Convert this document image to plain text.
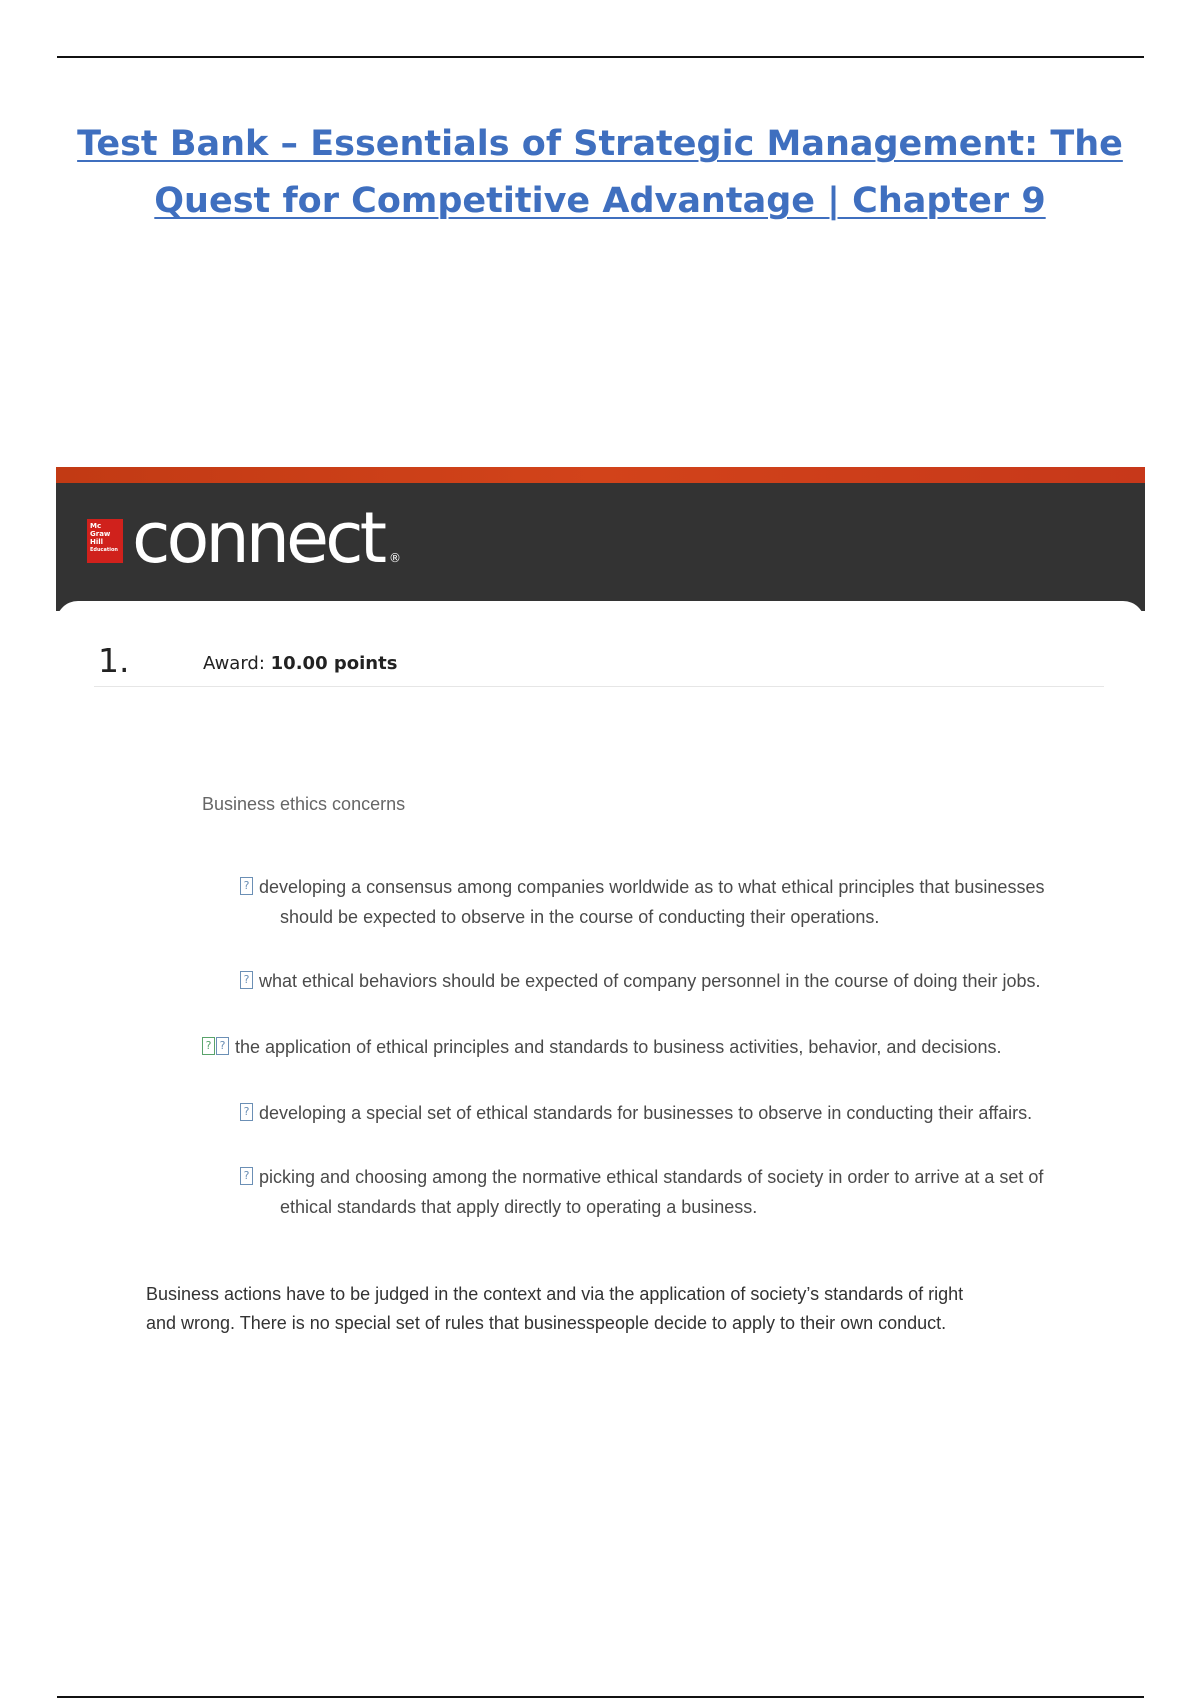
Test Bank – Essentials of Strategic Management: The
Quest for Competitive Advantage | Chapter 9
Mc
Graw
Hill
Education connect ®
1.	Award: 10.00 points
Business ethics concerns
? developing a consensus among companies worldwide as to what ethical principles that businesses
should be expected to observe in the course of conducting their operations.
? what ethical behaviors should be expected of company personnel in the course of doing their jobs.
? ? the application of ethical principles and standards to business activities, behavior, and decisions.
? developing a special set of ethical standards for businesses to observe in conducting their affairs.
? picking and choosing among the normative ethical standards of society in order to arrive at a set of
ethical standards that apply directly to operating a business.
Business actions have to be judged in the context and via the application of society’s standards of right
and wrong. There is no special set of rules that businesspeople decide to apply to their own conduct.
